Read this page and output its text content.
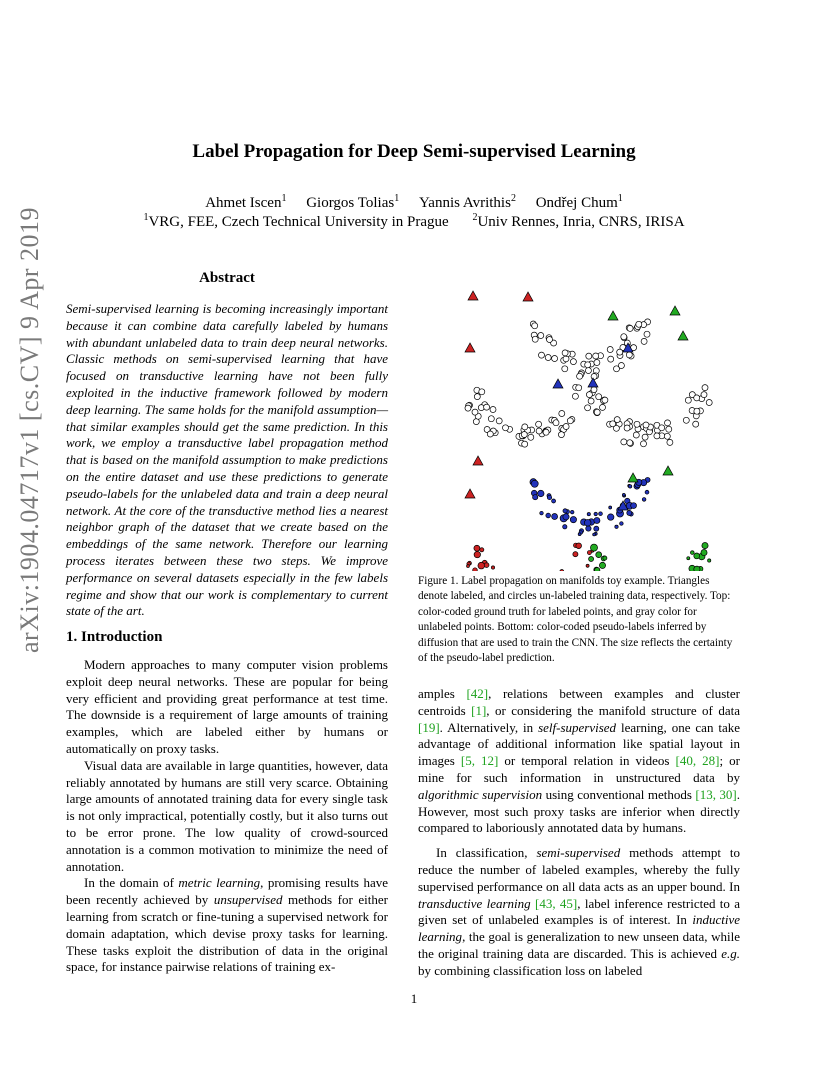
arXiv:1904.04717v1 [cs.CV] 9 Apr 2019
Label Propagation for Deep Semi-supervised Learning
Ahmet Iscen$^1$ Giorgos Tolias$^1$ Yannis Avrithis$^2$ Ondřej Chum$^1$
$^1$VRG, FEE, Czech Technical University in Prague $^2$Univ Rennes, Inria, CNRS, IRISA
Abstract
Semi-supervised learning is becoming increasingly important because it can combine data carefully labeled by humans with abundant unlabeled data to train deep neural networks. Classic methods on semi-supervised learning that have focused on transductive learning have not been fully exploited in the inductive framework followed by modern deep learning. The same holds for the manifold assumption—that similar examples should get the same prediction. In this work, we employ a transductive label propagation method that is based on the manifold assumption to make predictions on the entire dataset and use these predictions to generate pseudo-labels for the unlabeled data and train a deep neural network. At the core of the transductive method lies a nearest neighbor graph of the dataset that we create based on the embeddings of the same network. Therefore our learning process iterates between these two steps. We improve performance on several datasets especially in the few labels regime and show that our work is complementary to current state of the art.
1. Introduction

Modern approaches to many computer vision problems exploit deep neural networks. These are popular for being very efficient and providing great performance at test time. The downside is a requirement of large amounts of training examples, which are labeled either by humans or automatically on proxy tasks.

Visual data are available in large quantities, however, data reliably annotated by humans are still very scarce. Obtaining large amounts of annotated training data for every single task is not only impractical, potentially costly, but it also turns out to be error prone. The low quality of crowd-sourced annotation is a common motivation to minimize the need of annotation.

In the domain of metric learning, promising results have been recently achieved by unsupervised methods for either learning from scratch or fine-tuning a supervised network for domain adaptation, which devise proxy tasks for learning. These tasks exploit the distribution of data in the original space, for instance pairwise relations of training ex-

Figure 1. Label propagation on manifolds toy example. Triangles denote labeled, and circles un-labeled training data, respectively. Top: color-coded ground truth for labeled points, and gray color for unlabeled points. Bottom: color-coded pseudo-labels inferred by diffusion that are used to train the CNN. The size reflects the certainty of the pseudo-label prediction.

amples [42], relations between examples and cluster centroids [1], or considering the manifold structure of data [19]. Alternatively, in self-supervised learning, one can take advantage of additional information like spatial layout in images [5, 12] or temporal relation in videos [40, 28]; or mine for such information in unstructured data by algorithmic supervision using conventional methods [13, 30]. However, most such proxy tasks are inferior when directly compared to laboriously annotated data by humans.

In classification, semi-supervised methods attempt to reduce the number of labeled examples, whereby the fully supervised performance on all data acts as an upper bound. In transductive learning [43, 45], label inference restricted to a given set of unlabeled examples is of interest. In inductive learning, the goal is generalization to new unseen data, while the original training data are discarded. This is achieved e.g. by combining classification loss on labeled

1
